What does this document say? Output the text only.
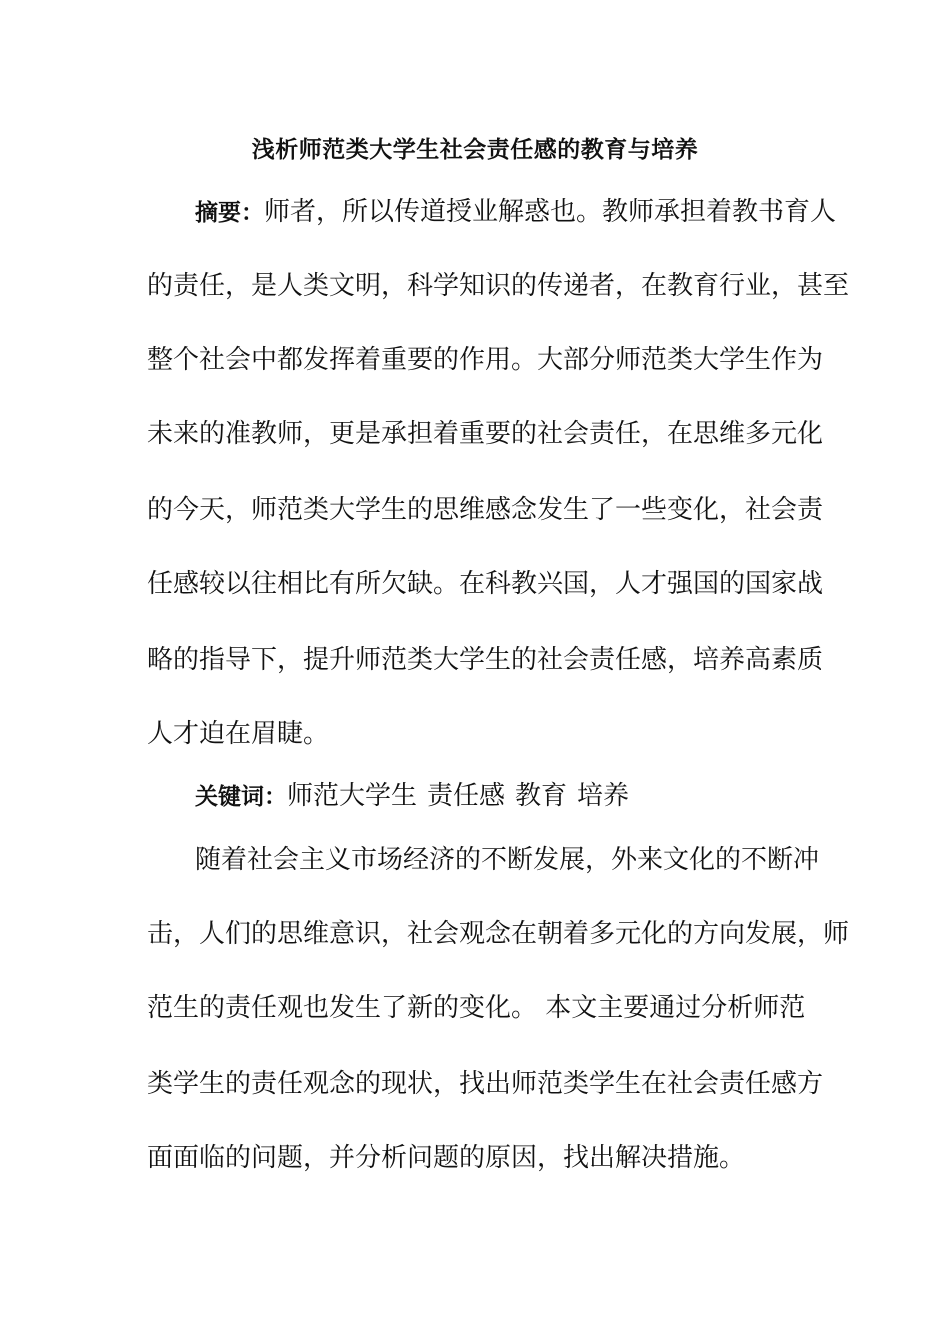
浅析师范类大学生社会责任感的教育与培养

摘要：师者，所以传道授业解惑也。教师承担着教书育人

的责任，是人类文明，科学知识的传递者，在教育行业，甚至

整个社会中都发挥着重要的作用。大部分师范类大学生作为

未来的准教师，更是承担着重要的社会责任，在思维多元化

的今天，师范类大学生的思维感念发生了一些变化，社会责

任感较以往相比有所欠缺。在科教兴国，人才强国的国家战

略的指导下，提升师范类大学生的社会责任感，培养高素质

人才迫在眉睫。

关键词：师范大学生 责任感 教育 培养

随着社会主义市场经济的不断发展，外来文化的不断冲

击，人们的思维意识，社会观念在朝着多元化的方向发展，师

范生的责任观也发生了新的变化。 本文主要通过分析师范

类学生的责任观念的现状，找出师范类学生在社会责任感方

面面临的问题，并分析问题的原因，找出解决措施。
